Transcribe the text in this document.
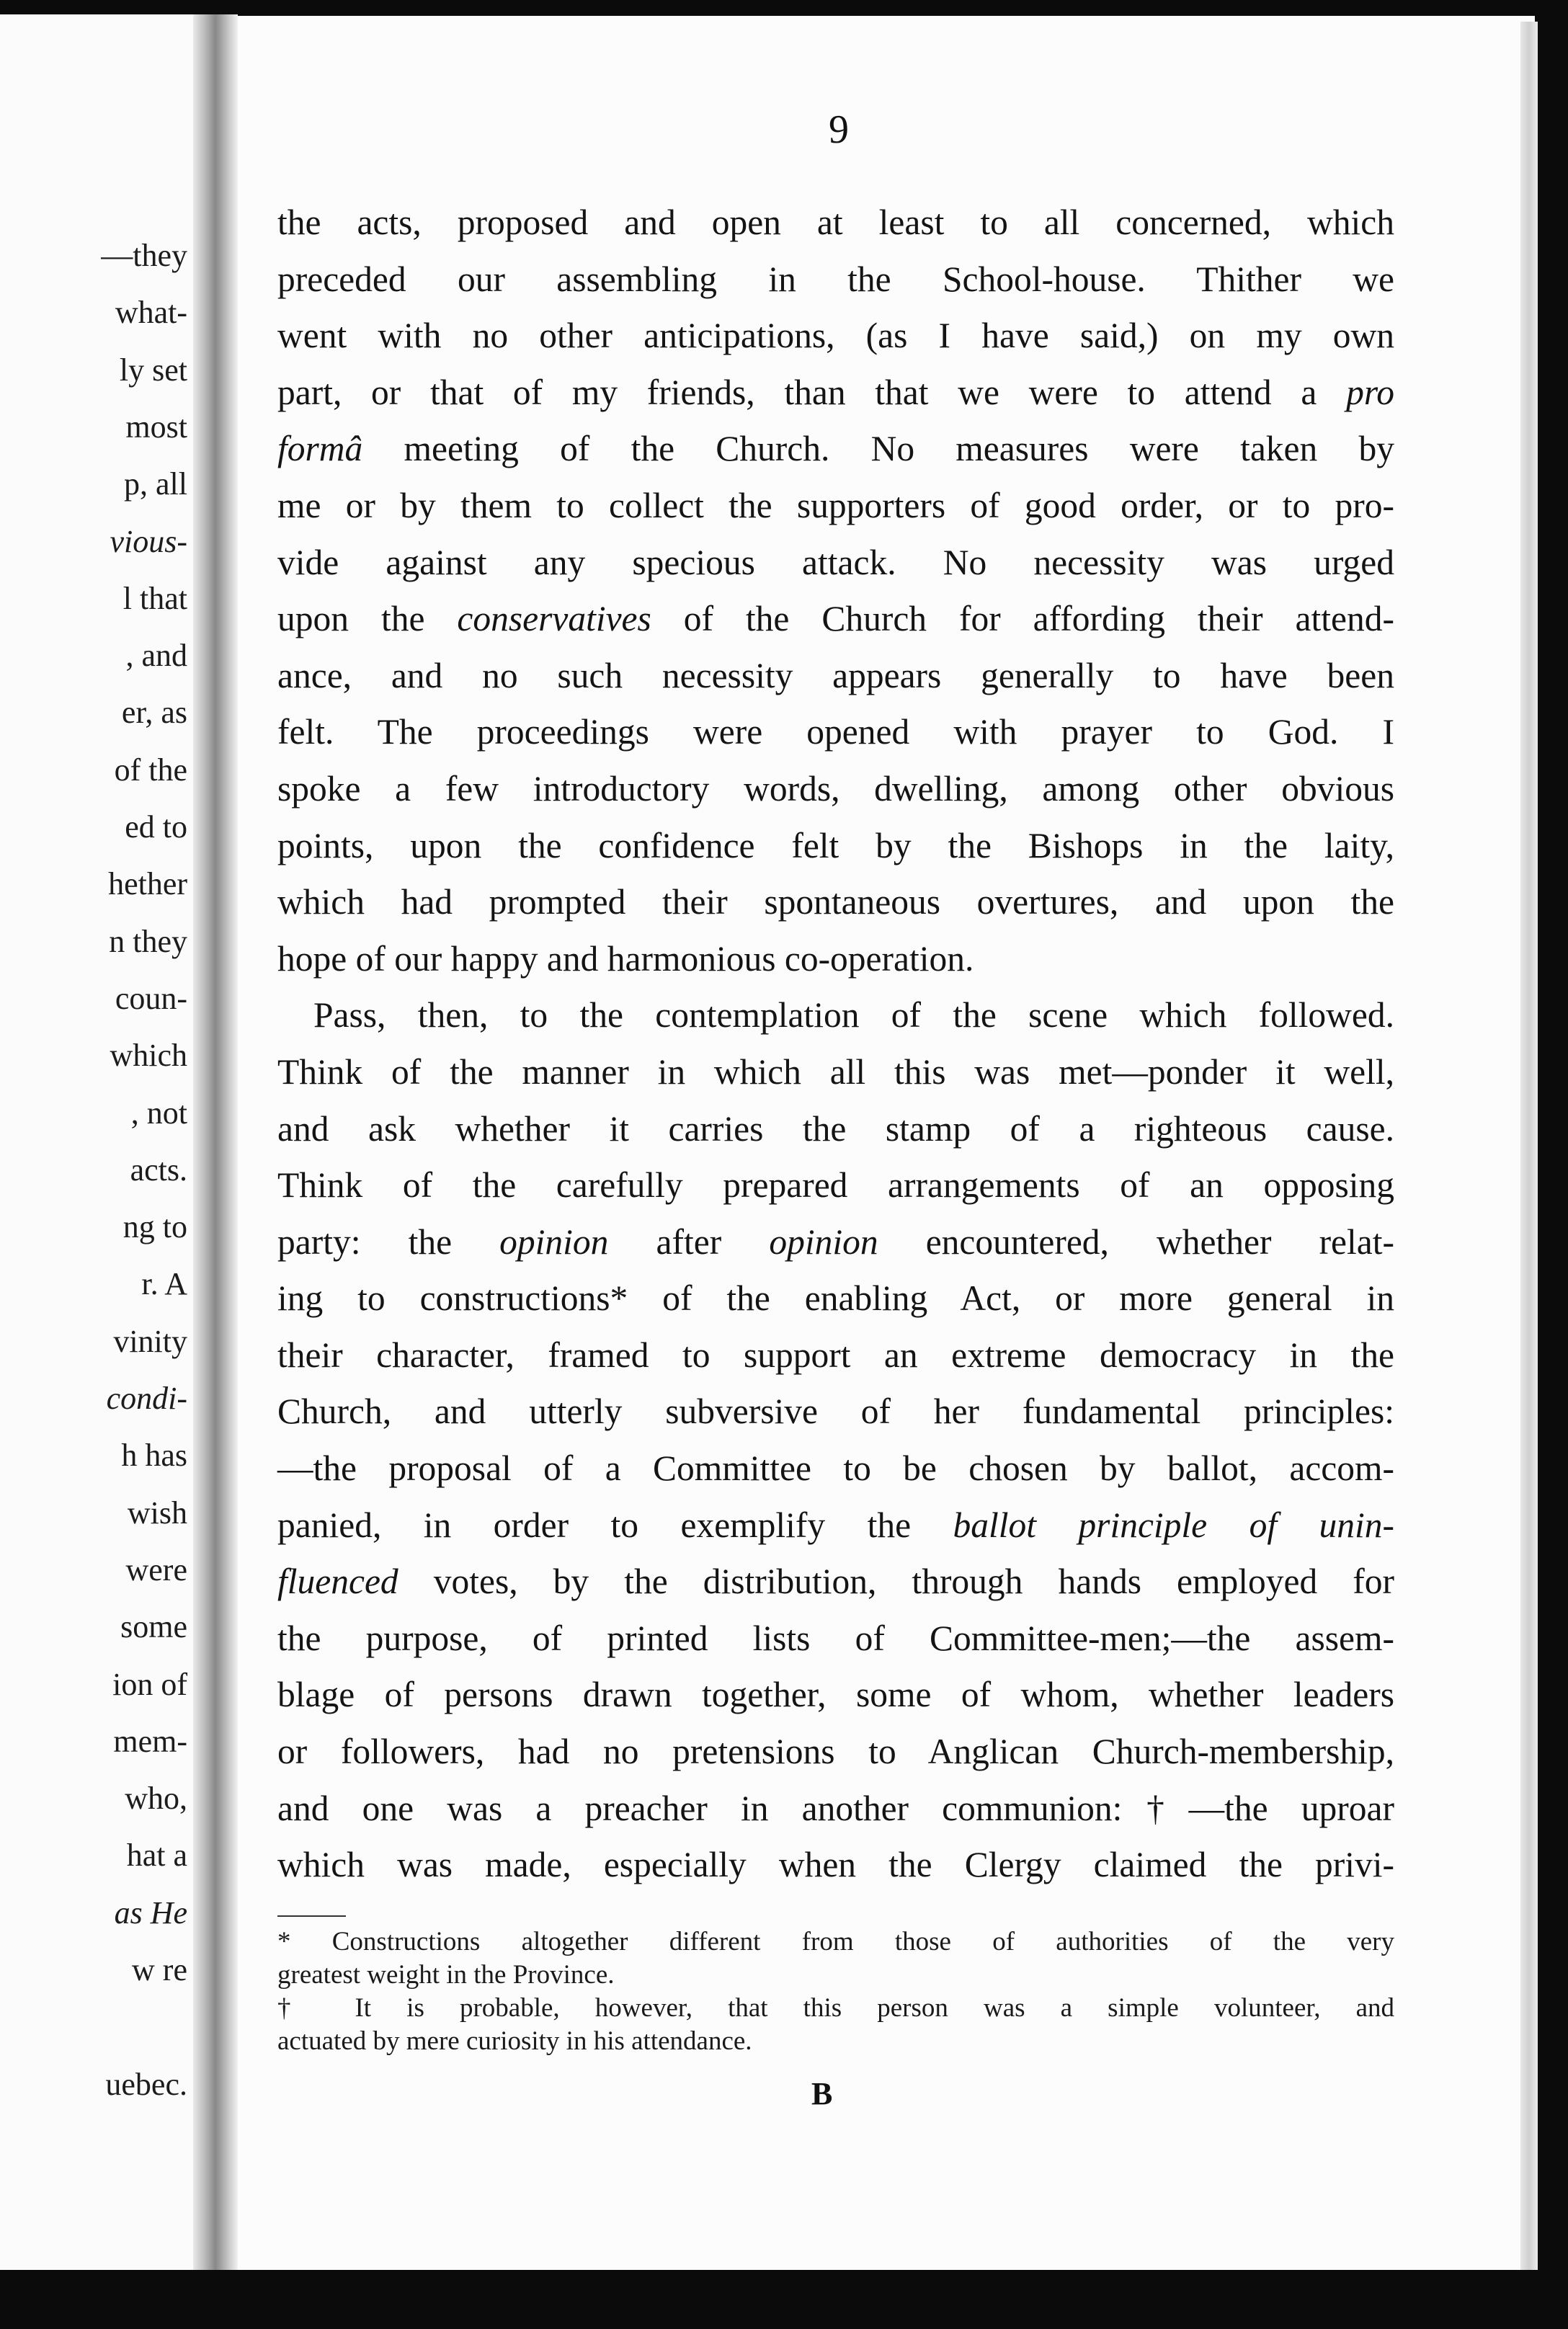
—they
what-
ly set
most
p, all
vious-
l that
, and
er, as
of the
ed to
hether
n they
coun-
which
, not
acts.
ng to
r. A
vinity
condi-
h has
wish
were
some
ion of
mem-
who,
hat a
as He
w re
uebec.
9
the acts, proposed and open at least to all concerned, which
preceded our assembling in the School-house. Thither we
went with no other anticipations, (as I have said,) on my own
part, or that of my friends, than that we were to attend a pro
formâ meeting of the Church. No measures were taken by
me or by them to collect the supporters of good order, or to pro-
vide against any specious attack. No necessity was urged
upon the conservatives of the Church for affording their attend-
ance, and no such necessity appears generally to have been
felt. The proceedings were opened with prayer to God. I
spoke a few introductory words, dwelling, among other obvious
points, upon the confidence felt by the Bishops in the laity,
which had prompted their spontaneous overtures, and upon the
hope of our happy and harmonious co-operation.
Pass, then, to the contemplation of the scene which followed.
Think of the manner in which all this was met—ponder it well,
and ask whether it carries the stamp of a righteous cause.
Think of the carefully prepared arrangements of an opposing
party: the opinion after opinion encountered, whether relat-
ing to constructions* of the enabling Act, or more general in
their character, framed to support an extreme democracy in the
Church, and utterly subversive of her fundamental principles:
—the proposal of a Committee to be chosen by ballot, accom-
panied, in order to exemplify the ballot principle of unin-
fluenced votes, by the distribution, through hands employed for
the purpose, of printed lists of Committee-men;—the assem-
blage of persons drawn together, some of whom, whether leaders
or followers, had no pretensions to Anglican Church-membership,
and one was a preacher in another communion:†—the uproar
which was made, especially when the Clergy claimed the privi-
* Constructions altogether different from those of authorities of the very
greatest weight in the Province.
† It is probable, however, that this person was a simple volunteer, and
actuated by mere curiosity in his attendance.
B
